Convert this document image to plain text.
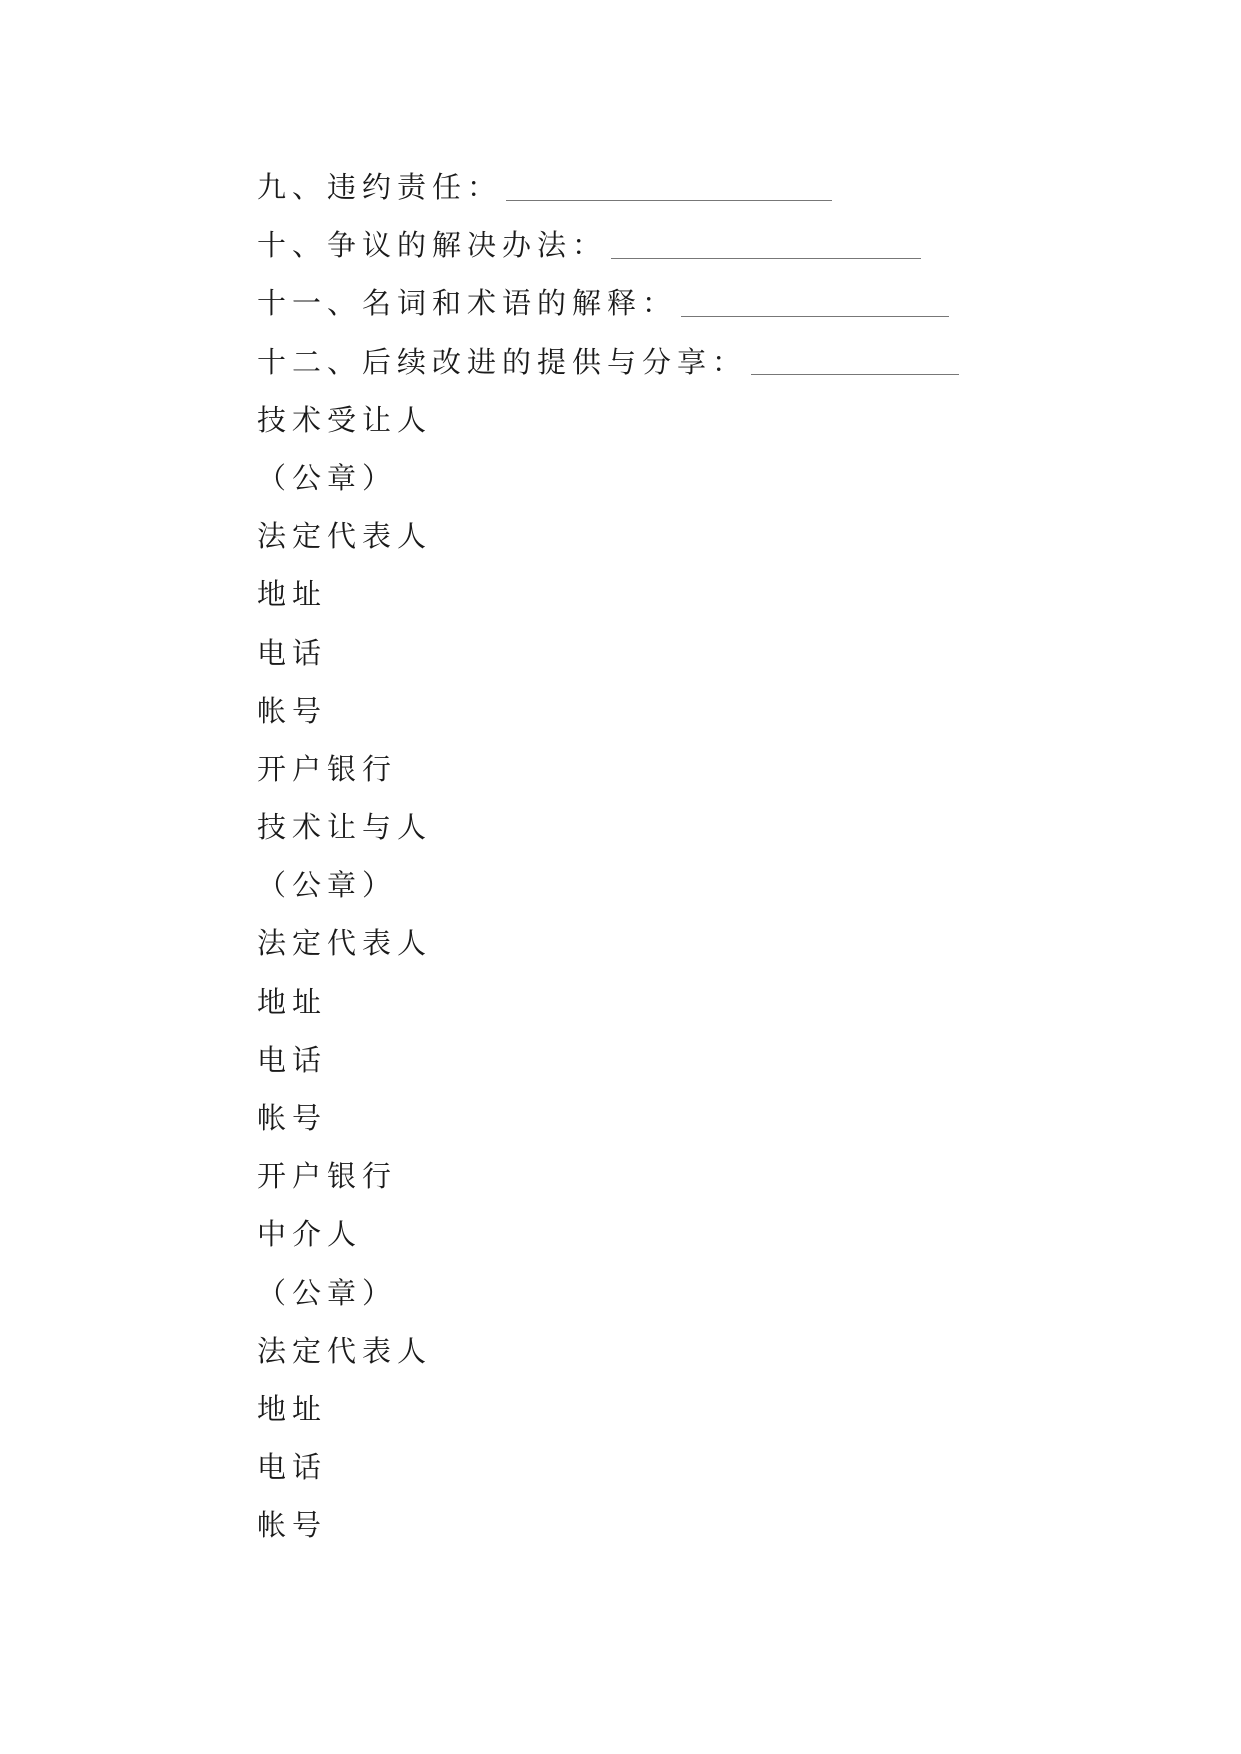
九、违约责任：
十、争议的解决办法：
十一、名词和术语的解释：
十二、后续改进的提供与分享：
技术受让人
（公章）
法定代表人
地址
电话
帐号
开户银行
技术让与人
（公章）
法定代表人
地址
电话
帐号
开户银行
中介人
（公章）
法定代表人
地址
电话
帐号
